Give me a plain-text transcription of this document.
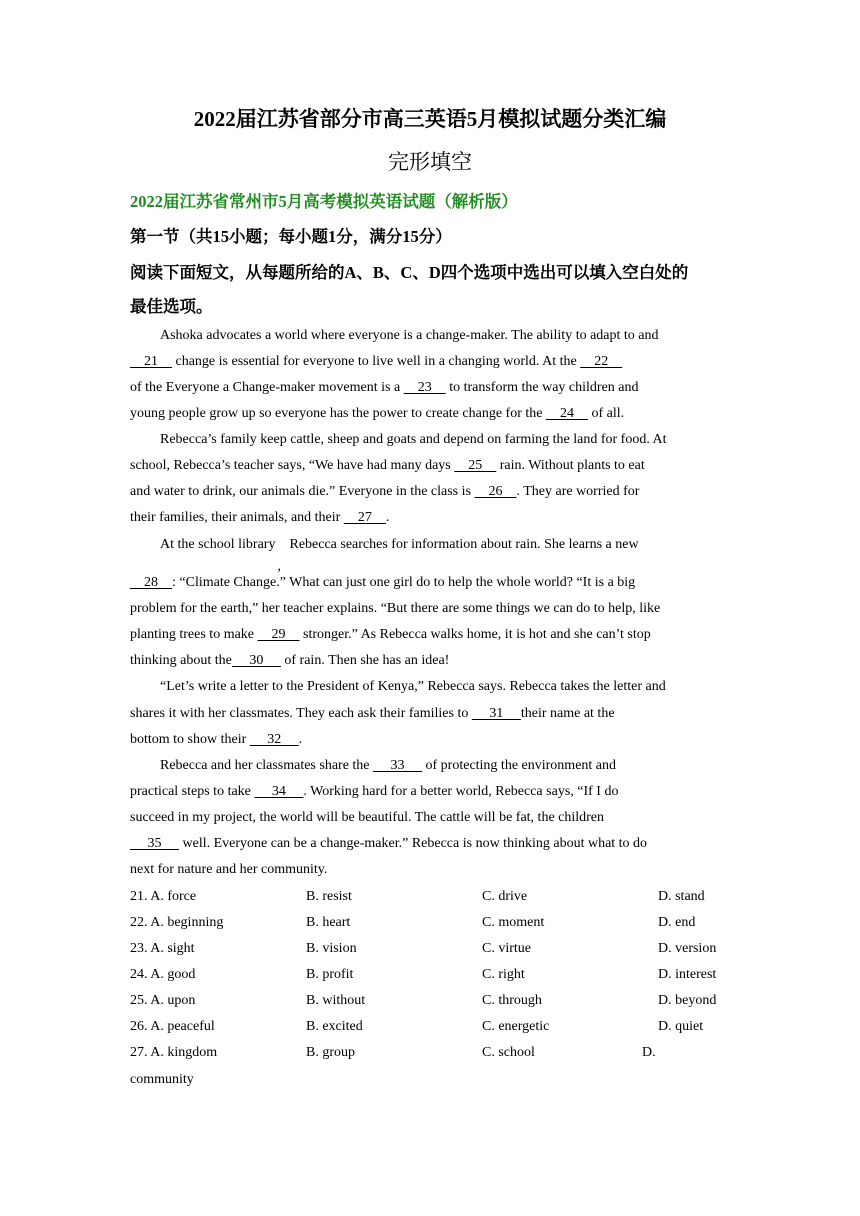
2022届江苏省部分市高三英语5月模拟试题分类汇编
完形填空
2022届江苏省常州市5月高考模拟英语试题（解析版）
第一节（共15小题；每小题1分，满分15分）
阅读下面短文，从每题所给的A、B、C、D四个选项中选出可以填入空白处的
最佳选项。
Ashoka advocates a world where everyone is a change-maker. The ability to adapt to and
21     change is essential for everyone to live well in a changing world. At the     22
of the Everyone a Change-maker movement is a     23     to transform the way children and
young people grow up so everyone has the power to create change for the     24     of all.
Rebecca’s family keep cattle, sheep and goats and depend on farming the land for food. At
school, Rebecca’s teacher says, “We have had many days     25     rain. Without plants to eat
and water to drink, our animals die.” Everyone in the class is     26    . They are worried for
their families, their animals, and their     27    .
At the school library
,
Rebecca searches for information about rain. She learns a new
28    : “Climate Change.” What can just one girl do to help the whole world? “It is a big
problem for the earth,” her teacher explains. “But there are some things we can do to help, like
planting trees to make     29     stronger.” As Rebecca walks home, it is hot and she can’t stop
thinking about the     30      of rain. Then she has an idea!
“Let’s write a letter to the President of Kenya,” Rebecca says. Rebecca takes the letter and
shares it with her classmates. They each ask their families to      31     their name at the
bottom to show their      32     .
Rebecca and her classmates share the      33      of protecting the environment and
practical steps to take      34     . Working hard for a better world, Rebecca says, “If I do
succeed in my project, the world will be beautiful. The cattle will be fat, the children
35      well. Everyone can be a change-maker.” Rebecca is now thinking about what to do
next for nature and her community.
21. A. force	B. resist	C. drive	D. stand
22. A. beginning	B. heart	C. moment	D. end
23. A. sight	B. vision	C. virtue	D. version
24. A. good	B. profit	C. right	D. interest
25. A. upon	B. without	C. through	D. beyond
26. A. peaceful	B. excited	C. energetic	D. quiet
27. A. kingdom	B. group	C. school	D.
community
